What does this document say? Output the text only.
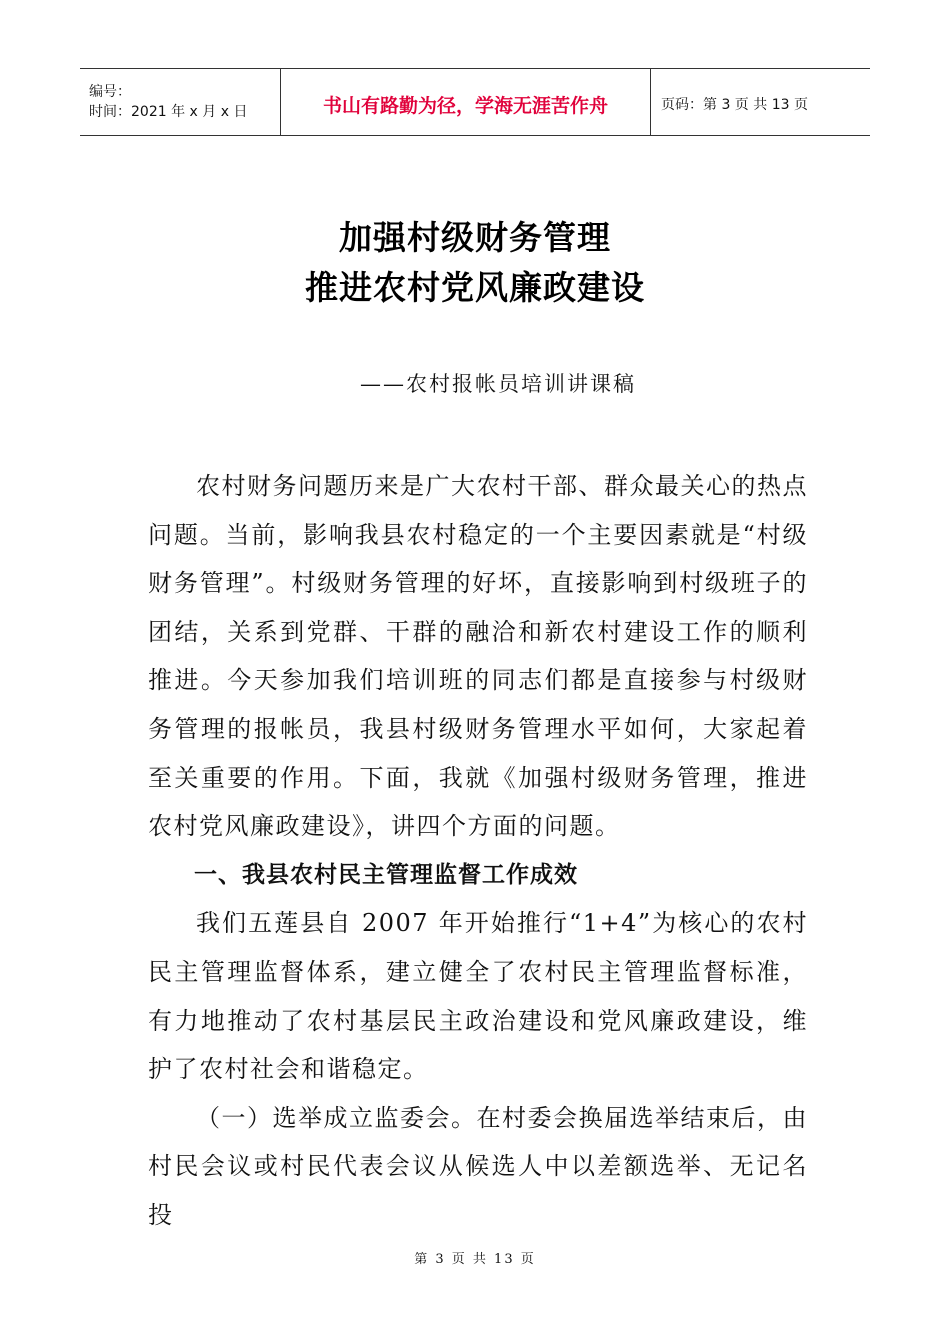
编号：
时间：2021 年 x 月 x 日	书山有路勤为径，学海无涯苦作舟	页码：第 3 页 共 13 页
加强村级财务管理
推进农村党风廉政建设
——农村报帐员培训讲课稿

农村财务问题历来是广大农村干部、群众最关心的热点问题。当前，影响我县农村稳定的一个主要因素就是“村级财务管理”。村级财务管理的好坏，直接影响到村级班子的团结，关系到党群、干群的融洽和新农村建设工作的顺利推进。今天参加我们培训班的同志们都是直接参与村级财务管理的报帐员，我县村级财务管理水平如何，大家起着至关重要的作用。下面，我就《加强村级财务管理，推进农村党风廉政建设》，讲四个方面的问题。

一、我县农村民主管理监督工作成效

我们五莲县自 2007 年开始推行“1+4”为核心的农村民主管理监督体系，建立健全了农村民主管理监督标准，有力地推动了农村基层民主政治建设和党风廉政建设，维护了农村社会和谐稳定。

（一）选举成立监委会。在村委会换届选举结束后，由村民会议或村民代表会议从候选人中以差额选举、无记名投

第 3 页 共 13 页
